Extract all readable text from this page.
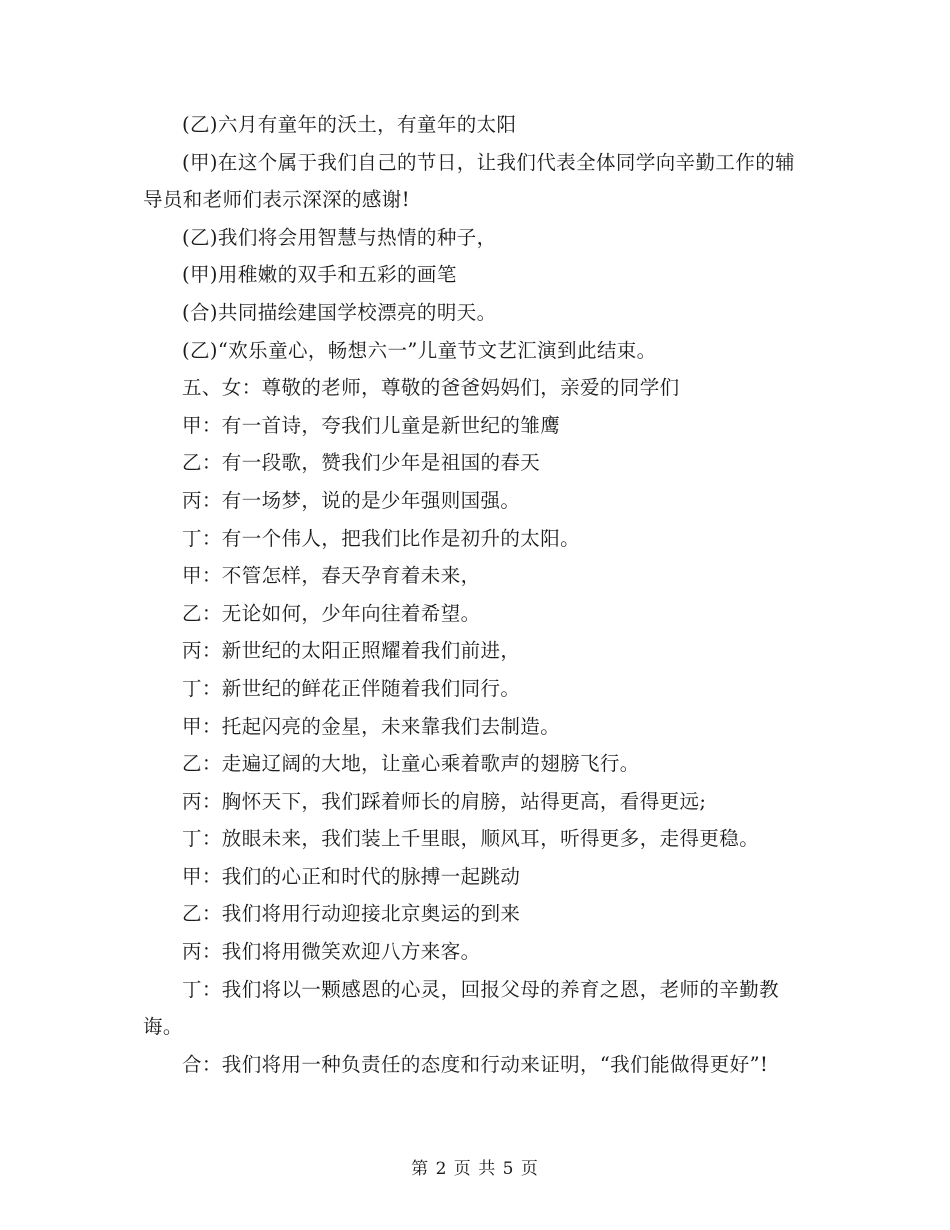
(乙)六月有童年的沃土，有童年的太阳

(甲)在这个属于我们自己的节日，让我们代表全体同学向辛勤工作的辅导员和老师们表示深深的感谢!

(乙)我们将会用智慧与热情的种子，

(甲)用稚嫩的双手和五彩的画笔

(合)共同描绘建国学校漂亮的明天。

(乙)“欢乐童心，畅想六一”儿童节文艺汇演到此结束。

五、女：尊敬的老师，尊敬的爸爸妈妈们，亲爱的同学们

甲：有一首诗，夸我们儿童是新世纪的雏鹰

乙：有一段歌，赞我们少年是祖国的春天

丙：有一场梦，说的是少年强则国强。

丁：有一个伟人，把我们比作是初升的太阳。

甲：不管怎样，春天孕育着未来，

乙：无论如何，少年向往着希望。

丙：新世纪的太阳正照耀着我们前进，

丁：新世纪的鲜花正伴随着我们同行。

甲：托起闪亮的金星，未来靠我们去制造。

乙：走遍辽阔的大地，让童心乘着歌声的翅膀飞行。

丙：胸怀天下，我们踩着师长的肩膀，站得更高，看得更远;

丁：放眼未来，我们装上千里眼，顺风耳，听得更多，走得更稳。

甲：我们的心正和时代的脉搏一起跳动

乙：我们将用行动迎接北京奥运的到来

丙：我们将用微笑欢迎八方来客。

丁：我们将以一颗感恩的心灵，回报父母的养育之恩，老师的辛勤教诲。

合：我们将用一种负责任的态度和行动来证明，“我们能做得更好”!

第 2 页 共 5 页
